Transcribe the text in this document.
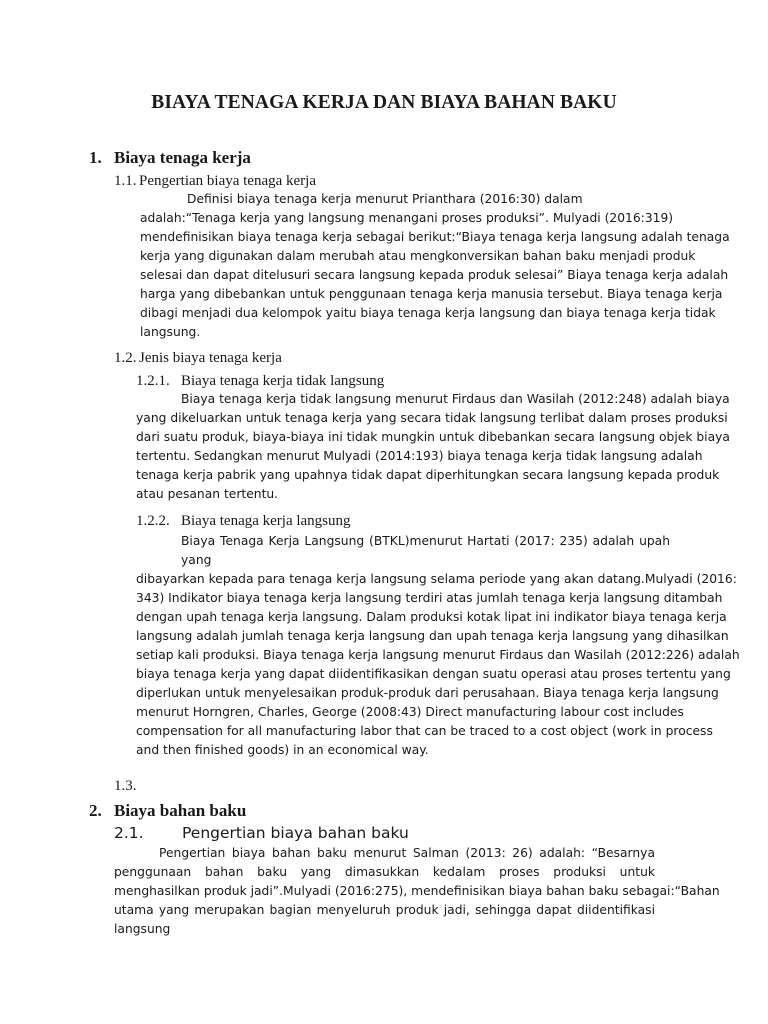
BIAYA TENAGA KERJA DAN BIAYA BAHAN BAKU
1. Biaya tenaga kerja
1.1. Pengertian biaya tenaga kerja
Definisi biaya tenaga kerja menurut Prianthara (2016:30) dalam
adalah:“Tenaga kerja yang langsung menangani proses produksi”. Mulyadi (2016:319)
mendefinisikan biaya tenaga kerja sebagai berikut:“Biaya tenaga kerja langsung adalah tenaga
kerja yang digunakan dalam merubah atau mengkonversikan bahan baku menjadi produk
selesai dan dapat ditelusuri secara langsung kepada produk selesai” Biaya tenaga kerja adalah
harga yang dibebankan untuk penggunaan tenaga kerja manusia tersebut. Biaya tenaga kerja
dibagi menjadi dua kelompok yaitu biaya tenaga kerja langsung dan biaya tenaga kerja tidak
langsung.
1.2. Jenis biaya tenaga kerja
1.2.1. Biaya tenaga kerja tidak langsung
Biaya tenaga kerja tidak langsung menurut Firdaus dan Wasilah (2012:248) adalah biaya
yang dikeluarkan untuk tenaga kerja yang secara tidak langsung terlibat dalam proses produksi
dari suatu produk, biaya-biaya ini tidak mungkin untuk dibebankan secara langsung objek biaya
tertentu. Sedangkan menurut Mulyadi (2014:193) biaya tenaga kerja tidak langsung adalah
tenaga kerja pabrik yang upahnya tidak dapat diperhitungkan secara langsung kepada produk
atau pesanan tertentu.
1.2.2. Biaya tenaga kerja langsung
Biaya Tenaga Kerja Langsung (BTKL)menurut Hartati (2017: 235) adalah upah yang
dibayarkan kepada para tenaga kerja langsung selama periode yang akan datang.Mulyadi (2016:
343) Indikator biaya tenaga kerja langsung terdiri atas jumlah tenaga kerja langsung ditambah
dengan upah tenaga kerja langsung. Dalam produksi kotak lipat ini indikator biaya tenaga kerja
langsung adalah jumlah tenaga kerja langsung dan upah tenaga kerja langsung yang dihasilkan
setiap kali produksi. Biaya tenaga kerja langsung menurut Firdaus dan Wasilah (2012:226) adalah
biaya tenaga kerja yang dapat diidentifikasikan dengan suatu operasi atau proses tertentu yang
diperlukan untuk menyelesaikan produk-produk dari perusahaan. Biaya tenaga kerja langsung
menurut Horngren, Charles, George (2008:43) Direct manufacturing labour cost includes
compensation for all manufacturing labor that can be traced to a cost object (work in process
and then finished goods) in an economical way.
1.3.
2. Biaya bahan baku
2.1. Pengertian biaya bahan baku
Pengertian biaya bahan baku menurut Salman (2013: 26) adalah: “Besarnya
penggunaan bahan baku yang dimasukkan kedalam proses produksi untuk
menghasilkan produk jadi”.Mulyadi (2016:275), mendefinisikan biaya bahan baku sebagai:“Bahan
utama yang merupakan bagian menyeluruh produk jadi, sehingga dapat diidentifikasi langsung
